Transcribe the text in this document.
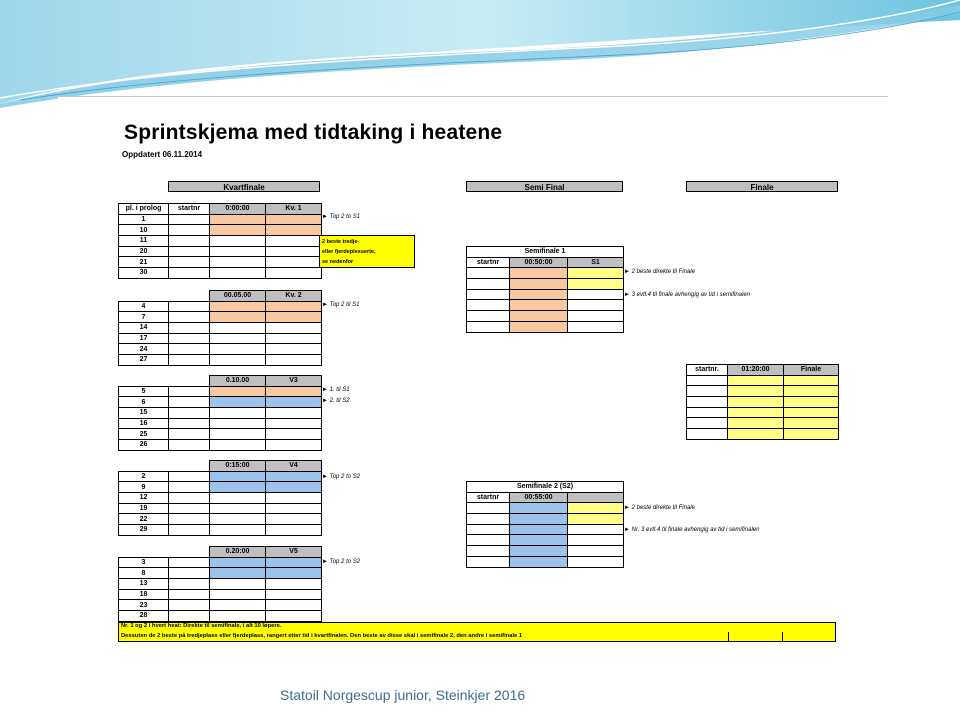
Sprintskjema med tidtaking i heatene
Oppdatert 06.11.2014
Kvartfinale	Semi Final	Finale
pl. i prolog	startnr	0:00:00	Kv. 1
1			
10			
11			
20			
21			
30			
► Top 2 to S1
2 beste tredje-
eller fjerdeplesserte,
se nedenfor
		00.05.00	Kv. 2
4			
7			
14			
17			
24			
27			
► Top 2 til S1
		0.10.00	V3
5			
6			
15			
16			
25			
26			
► 1. til S1
► 2. til S2
		0:15:00	V4
2			
9			
12			
19			
22			
29			
► Top 2 to S2
		0.20:00	V5
3			
8			
13			
18			
23			
28			
► Top 2 to S2
Semifinale 1		
startnr	00:50:00	S1

► 2 beste direkte til Finale
► 3 evtl.4 til finale avhengig av tid i semifinalen
Semifinale 2 (S2)		
startnr	00:55:00	

► 2 beste direkte til Finale
► Nr. 3 evtl.4 til finale avhengig av tid i semifinalen
startnr.	01:20:00	Finale

Nr. 1 og 2 i hvert heat: Direkte til semifinale, i alt 10 løpere.
Dessuten de 2 beste på tredjeplass eller fjerdeplass, rangert etter tid i kvartfinalen. Den beste av disse skal i semifinale 2, den andre i semifinale 1
Statoil Norgescup junior, Steinkjer 2016
